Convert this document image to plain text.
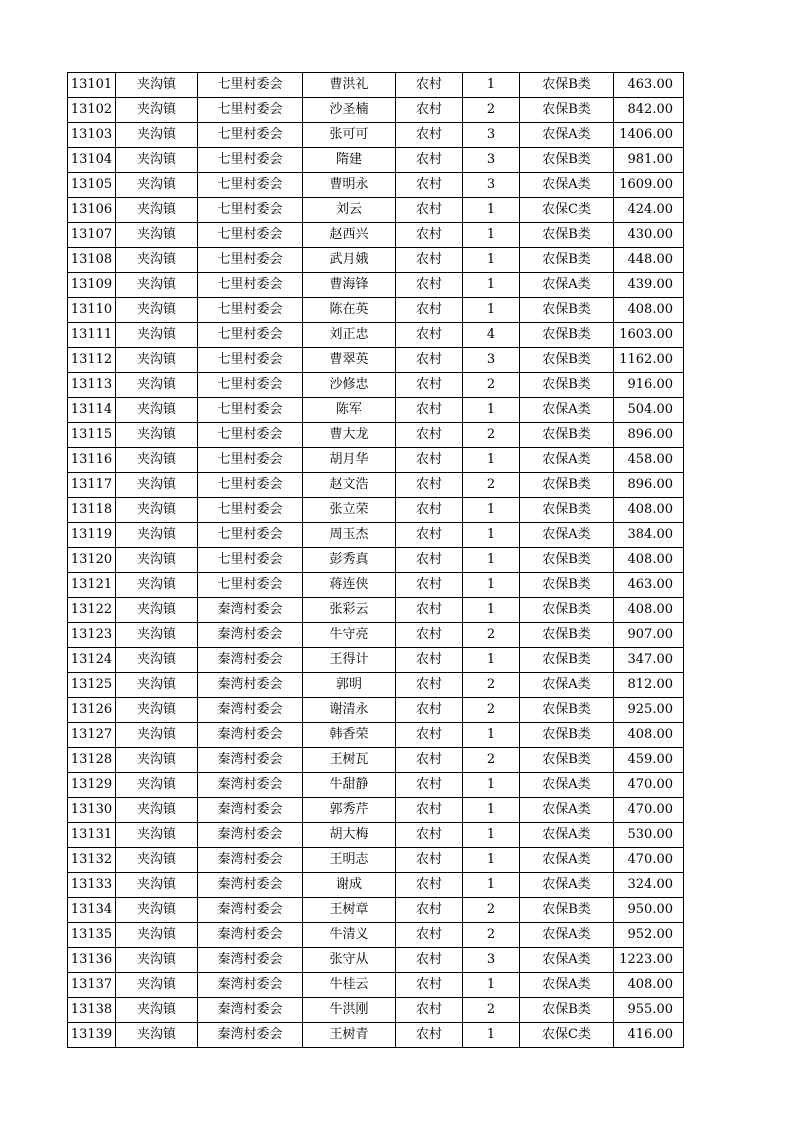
13101	夹沟镇	七里村委会	曹洪礼	农村	1	农保B类	463.00
13102	夹沟镇	七里村委会	沙圣楠	农村	2	农保B类	842.00
13103	夹沟镇	七里村委会	张可可	农村	3	农保A类	1406.00
13104	夹沟镇	七里村委会	隋建	农村	3	农保B类	981.00
13105	夹沟镇	七里村委会	曹明永	农村	3	农保A类	1609.00
13106	夹沟镇	七里村委会	刘云	农村	1	农保C类	424.00
13107	夹沟镇	七里村委会	赵西兴	农村	1	农保B类	430.00
13108	夹沟镇	七里村委会	武月娥	农村	1	农保B类	448.00
13109	夹沟镇	七里村委会	曹海锋	农村	1	农保A类	439.00
13110	夹沟镇	七里村委会	陈在英	农村	1	农保B类	408.00
13111	夹沟镇	七里村委会	刘正忠	农村	4	农保B类	1603.00
13112	夹沟镇	七里村委会	曹翠英	农村	3	农保B类	1162.00
13113	夹沟镇	七里村委会	沙修忠	农村	2	农保B类	916.00
13114	夹沟镇	七里村委会	陈军	农村	1	农保A类	504.00
13115	夹沟镇	七里村委会	曹大龙	农村	2	农保B类	896.00
13116	夹沟镇	七里村委会	胡月华	农村	1	农保A类	458.00
13117	夹沟镇	七里村委会	赵文浩	农村	2	农保B类	896.00
13118	夹沟镇	七里村委会	张立荣	农村	1	农保B类	408.00
13119	夹沟镇	七里村委会	周玉杰	农村	1	农保A类	384.00
13120	夹沟镇	七里村委会	彭秀真	农村	1	农保B类	408.00
13121	夹沟镇	七里村委会	蒋连侠	农村	1	农保B类	463.00
13122	夹沟镇	秦湾村委会	张彩云	农村	1	农保B类	408.00
13123	夹沟镇	秦湾村委会	牛守亮	农村	2	农保B类	907.00
13124	夹沟镇	秦湾村委会	王得计	农村	1	农保B类	347.00
13125	夹沟镇	秦湾村委会	郭明	农村	2	农保A类	812.00
13126	夹沟镇	秦湾村委会	谢清永	农村	2	农保B类	925.00
13127	夹沟镇	秦湾村委会	韩香荣	农村	1	农保B类	408.00
13128	夹沟镇	秦湾村委会	王树瓦	农村	2	农保B类	459.00
13129	夹沟镇	秦湾村委会	牛甜静	农村	1	农保A类	470.00
13130	夹沟镇	秦湾村委会	郭秀芹	农村	1	农保A类	470.00
13131	夹沟镇	秦湾村委会	胡大梅	农村	1	农保A类	530.00
13132	夹沟镇	秦湾村委会	王明志	农村	1	农保A类	470.00
13133	夹沟镇	秦湾村委会	谢成	农村	1	农保A类	324.00
13134	夹沟镇	秦湾村委会	王树章	农村	2	农保B类	950.00
13135	夹沟镇	秦湾村委会	牛清义	农村	2	农保A类	952.00
13136	夹沟镇	秦湾村委会	张守从	农村	3	农保A类	1223.00
13137	夹沟镇	秦湾村委会	牛桂云	农村	1	农保A类	408.00
13138	夹沟镇	秦湾村委会	牛洪刚	农村	2	农保B类	955.00
13139	夹沟镇	秦湾村委会	王树青	农村	1	农保C类	416.00
